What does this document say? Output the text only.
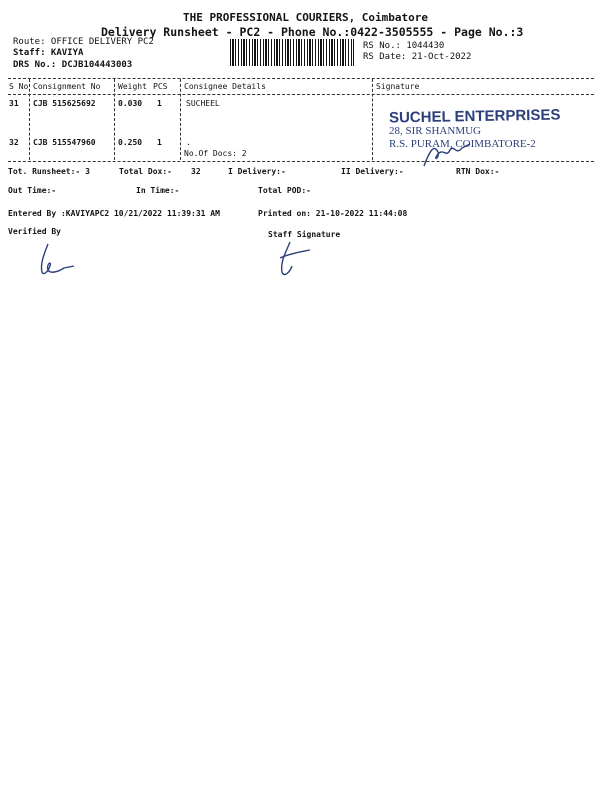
THE PROFESSIONAL COURIERS, Coimbatore
Delivery Runsheet - PC2 - Phone No.:0422-3505555 - Page No.:3
Route: OFFICE DELIVERY PC2
Staff: KAVIYA
DRS No.: DCJB104443003
RS No.: 1044430
RS Date: 21-Oct-2022
S No Consignment No Weight PCS Consignee Details	Signature
31 CJB 515625692	0.030 1	SUCHEEL
32 CJB 515547960	0.250 1	.
No.Of Docs: 2
SUCHEL ENTERPRISES
28, SIR SHANMUG
R.S. PURAM, COIMBATORE-2
Tot. Runsheet:- 3	Total Dox:- 32	I Delivery:-	II Delivery:-	RTN Dox:-
Out Time:-	In Time:-	Total POD:-
Entered By :KAVIYAPC2 10/21/2022 11:39:31 AM	Printed on: 21-10-2022 11:44:08
Verified By	Staff Signature
